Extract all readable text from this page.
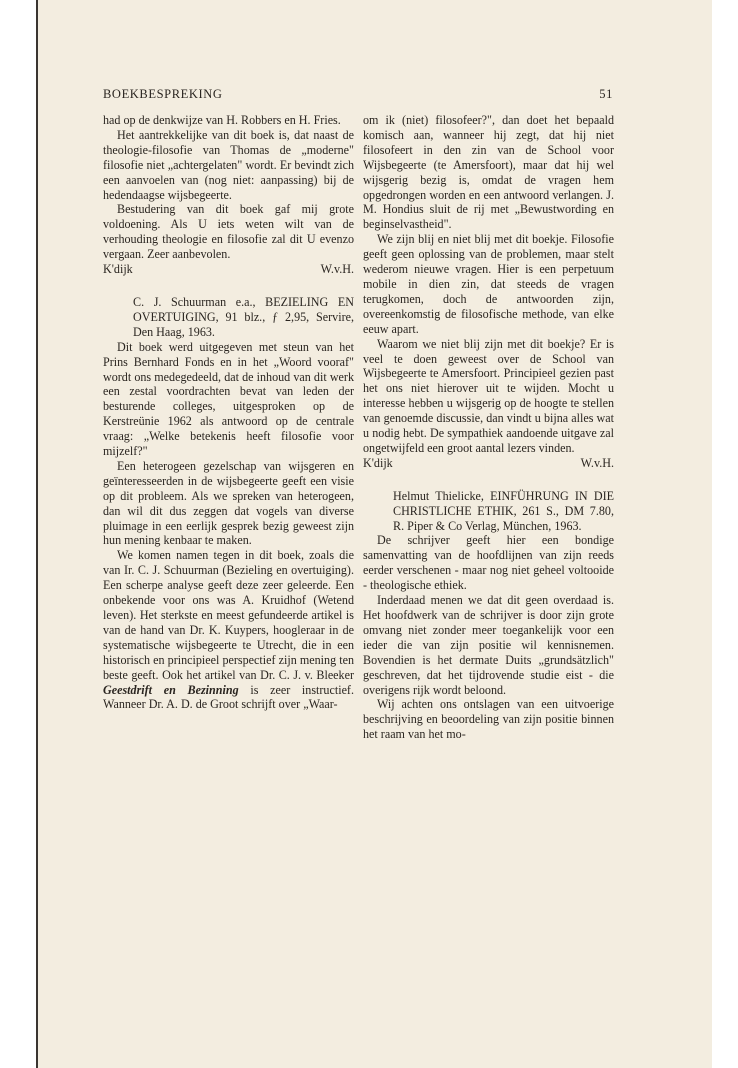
BOEKBESPREKING	51

had op de denkwijze van H. Robbers en H. Fries.

Het aantrekkelijke van dit boek is, dat naast de theologie-filosofie van Thomas de „moderne" filosofie niet „achtergelaten" wordt. Er bevindt zich een aanvoelen van (nog niet: aanpassing) bij de hedendaagse wijsbegeerte.

Bestudering van dit boek gaf mij grote voldoening. Als U iets weten wilt van de verhouding theologie en filosofie zal dit U evenzo vergaan. Zeer aanbevolen.

K'dijk	W.v.H.

C. J. Schuurman e.a., BEZIELING EN OVERTUIGING, 91 blz., ƒ 2,95, Servire, Den Haag, 1963.

Dit boek werd uitgegeven met steun van het Prins Bernhard Fonds en in het „Woord vooraf" wordt ons medegedeeld, dat de inhoud van dit werk een zestal voordrachten bevat van leden der besturende colleges, uitgesproken op de Kerstreünie 1962 als antwoord op de centrale vraag: „Welke betekenis heeft filosofie voor mijzelf?"

Een heterogeen gezelschap van wijsgeren en geïnteresseerden in de wijsbegeerte geeft een visie op dit probleem. Als we spreken van heterogeen, dan wil dit dus zeggen dat vogels van diverse pluimage in een eerlijk gesprek bezig geweest zijn hun mening kenbaar te maken.

We komen namen tegen in dit boek, zoals die van Ir. C. J. Schuurman (Bezieling en overtuiging). Een scherpe analyse geeft deze zeer geleerde. Een onbekende voor ons was A. Kruidhof (Wetend leven). Het sterkste en meest gefundeerde artikel is van de hand van Dr. K. Kuypers, hoogleraar in de systematische wijsbegeerte te Utrecht, die in een historisch en principieel perspectief zijn mening ten beste geeft. Ook het artikel van Dr. C. J. v. Bleeker Geestdrift en Bezinning is zeer instructief. Wanneer Dr. A. D. de Groot schrijft over „Waar-

om ik (niet) filosofeer?", dan doet het bepaald komisch aan, wanneer hij zegt, dat hij niet filosofeert in den zin van de School voor Wijsbegeerte (te Amersfoort), maar dat hij wel wijsgerig bezig is, omdat de vragen hem opgedrongen worden en een antwoord verlangen. J. M. Hondius sluit de rij met „Bewustwording en beginselvastheid".

We zijn blij en niet blij met dit boekje. Filosofie geeft geen oplossing van de problemen, maar stelt wederom nieuwe vragen. Hier is een perpetuum mobile in dien zin, dat steeds de vragen terugkomen, doch de antwoorden zijn, overeenkomstig de filosofische methode, van elke eeuw apart.

Waarom we niet blij zijn met dit boekje? Er is veel te doen geweest over de School van Wijsbegeerte te Amersfoort. Principieel gezien past het ons niet hierover uit te wijden. Mocht u interesse hebben u wijsgerig op de hoogte te stellen van genoemde discussie, dan vindt u bijna alles wat u nodig hebt. De sympathiek aandoende uitgave zal ongetwijfeld een groot aantal lezers vinden.

K'dijk	W.v.H.

Helmut Thielicke, EINFÜHRUNG IN DIE CHRISTLICHE ETHIK, 261 S., DM 7.80, R. Piper & Co Verlag, München, 1963.

De schrijver geeft hier een bondige samenvatting van de hoofdlijnen van zijn reeds eerder verschenen - maar nog niet geheel voltooide - theologische ethiek.

Inderdaad menen we dat dit geen overdaad is. Het hoofdwerk van de schrijver is door zijn grote omvang niet zonder meer toegankelijk voor een ieder die van zijn positie wil kennisnemen. Bovendien is het dermate Duits „grundsätzlich" geschreven, dat het tijdrovende studie eist - die overigens rijk wordt beloond.

Wij achten ons ontslagen van een uitvoerige beschrijving en beoordeling van zijn positie binnen het raam van het mo-
